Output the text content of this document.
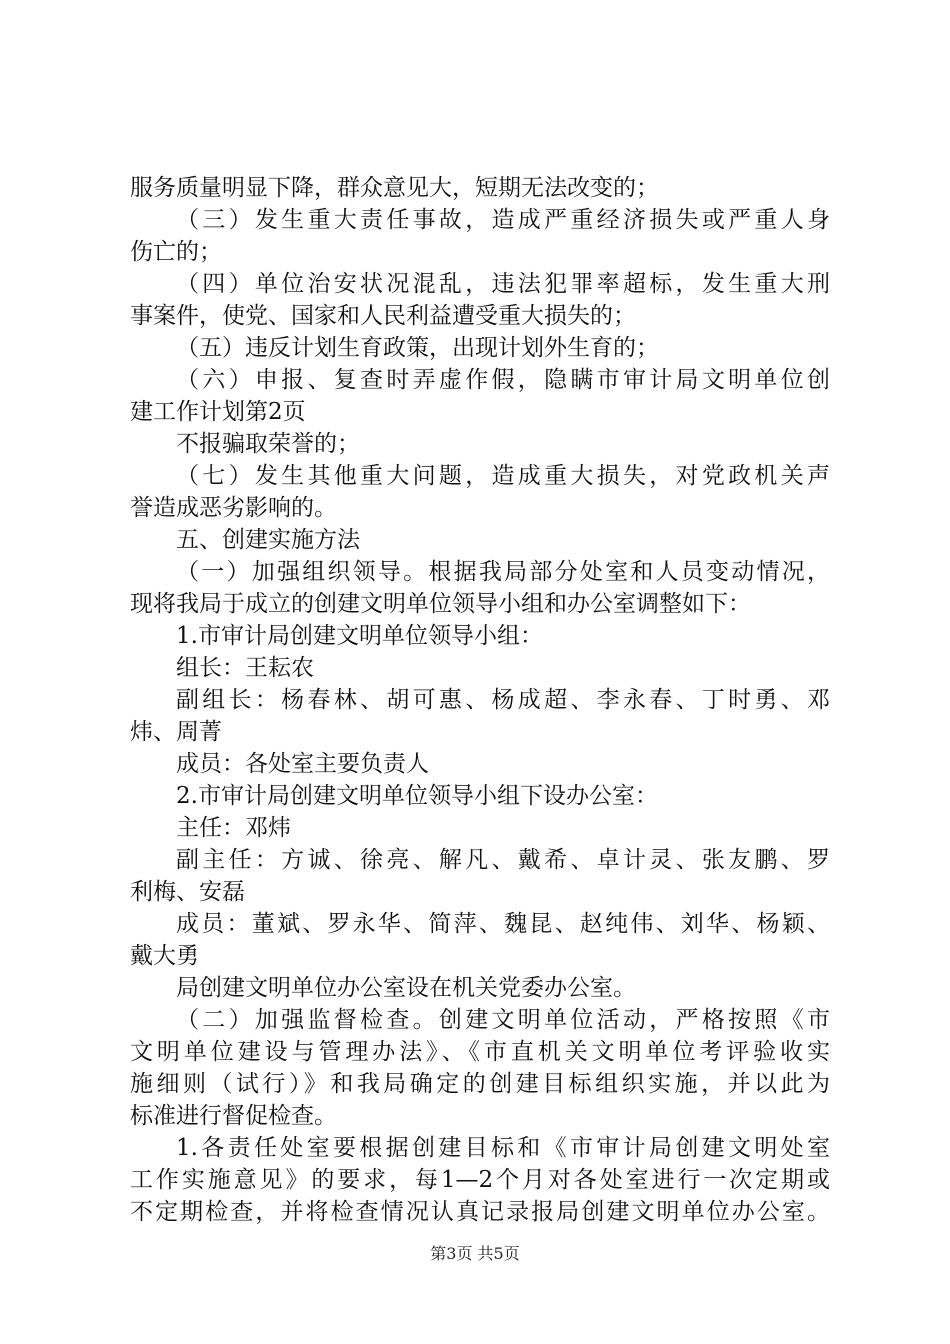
服务质量明显下降，群众意见大，短期无法改变的；
（三）发生重大责任事故，造成严重经济损失或严重人身
伤亡的；
（四）单位治安状况混乱，违法犯罪率超标，发生重大刑
事案件，使党、国家和人民利益遭受重大损失的；
（五）违反计划生育政策，出现计划外生育的；
（六）申报、复查时弄虚作假，隐瞒市审计局文明单位创
建工作计划第2页
不报骗取荣誉的；
（七）发生其他重大问题，造成重大损失，对党政机关声
誉造成恶劣影响的。
五、创建实施方法
（一）加强组织领导。根据我局部分处室和人员变动情况，
现将我局于成立的创建文明单位领导小组和办公室调整如下：
1.市审计局创建文明单位领导小组：
组长：王耘农
副组长：杨春林、胡可惠、杨成超、李永春、丁时勇、邓
炜、周菁
成员：各处室主要负责人
2.市审计局创建文明单位领导小组下设办公室：
主任：邓炜
副主任：方诚、徐亮、解凡、戴希、卓计灵、张友鹏、罗
利梅、安磊
成员：董斌、罗永华、简萍、魏昆、赵纯伟、刘华、杨颖、
戴大勇
局创建文明单位办公室设在机关党委办公室。
（二）加强监督检查。创建文明单位活动，严格按照《市
文明单位建设与管理办法》、《市直机关文明单位考评验收实
施细则（试行）》和我局确定的创建目标组织实施，并以此为
标准进行督促检查。
1.各责任处室要根据创建目标和《市审计局创建文明处室
工作实施意见》的要求，每1—2个月对各处室进行一次定期或
不定期检查，并将检查情况认真记录报局创建文明单位办公室。
第3页 共5页
